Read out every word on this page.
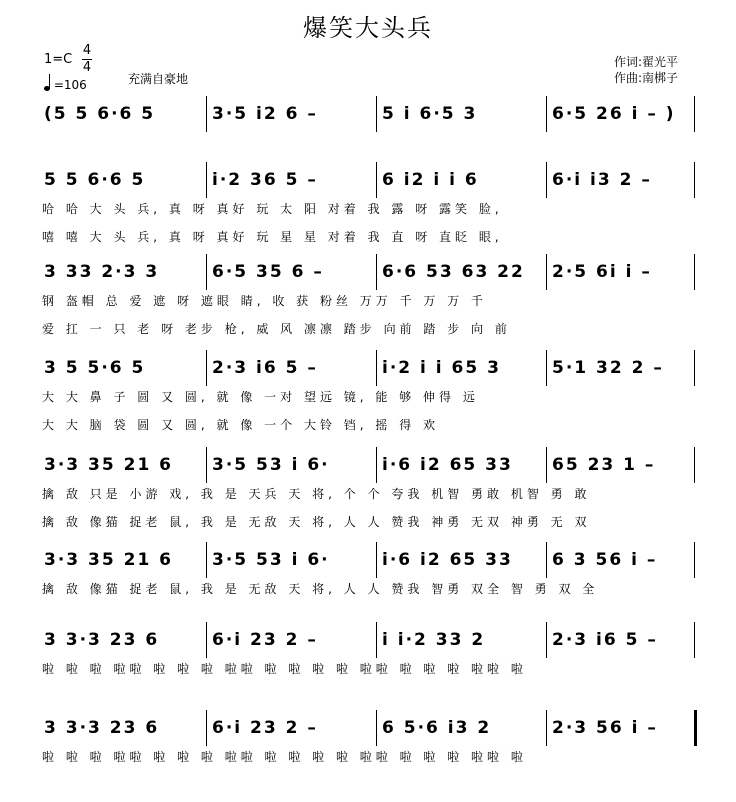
爆笑大头兵
1=C
4
4
=106	充满自豪地
作词:翟光平
作曲:南梆子
(5 5 6·6 5	3·5 i2 6 –	5 i 6·5 3	6·5 26 i – )
5 5 6·6 5	i·2 36 5 –	6 i2 i i 6	6·i i3 2 –
哈 哈 大 头 兵, 真 呀 真好 玩 太 阳 对着 我 露 呀 露笑 脸,
嘻 嘻 大 头 兵, 真 呀 真好 玩 星 星 对着 我 直 呀 直眨 眼,
3 33 2·3 3	6·5 35 6 –	6·6 53 63 22 2·5 6i i –
钢 盔帽 总 爱 遮 呀 遮眼 睛, 收 获 粉丝 万万 千 万 万 千
爱 扛 一 只 老 呀 老步 枪, 威 风 凛凛 踏步 向前 踏 步 向 前
3 5 5·6 5	2·3 i6 5 –	i·2 i i 65 3	5·1 32 2 –
大 大 鼻 子 圆 又 圆, 就 像 一对 望远 镜, 能 够 伸得 远
大 大 脑 袋 圆 又 圆, 就 像 一个 大铃 铛, 摇 得 欢
3·3 35 21 6 3·5 53 i 6·	i·6 i2 65 33 65 23 1 –
擒 敌 只是 小游 戏, 我 是 天兵 天 将, 个 个 夸我 机智 勇敢 机智 勇 敢
擒 敌 像猫 捉老 鼠, 我 是 无敌 天 将, 人 人 赞我 神勇 无双 神勇 无 双
3·3 35 21 6 3·5 53 i 6·	i·6 i2 65 33 6 3 56 i –
擒 敌 像猫 捉老 鼠, 我 是 无敌 天 将, 人 人 赞我 智勇 双全 智 勇 双 全
3 3·3 23 6	6·i 23 2 –	i i·2 33 2	2·3 i6 5 –
啦 啦 啦 啦啦 啦 啦 啦 啦啦 啦 啦 啦 啦 啦啦 啦 啦 啦 啦啦 啦
3 3·3 23 6	6·i 23 2 –	6 5·6 i3 2	2·3 56 i –
啦 啦 啦 啦啦 啦 啦 啦 啦啦 啦 啦 啦 啦 啦啦 啦 啦 啦 啦啦 啦
